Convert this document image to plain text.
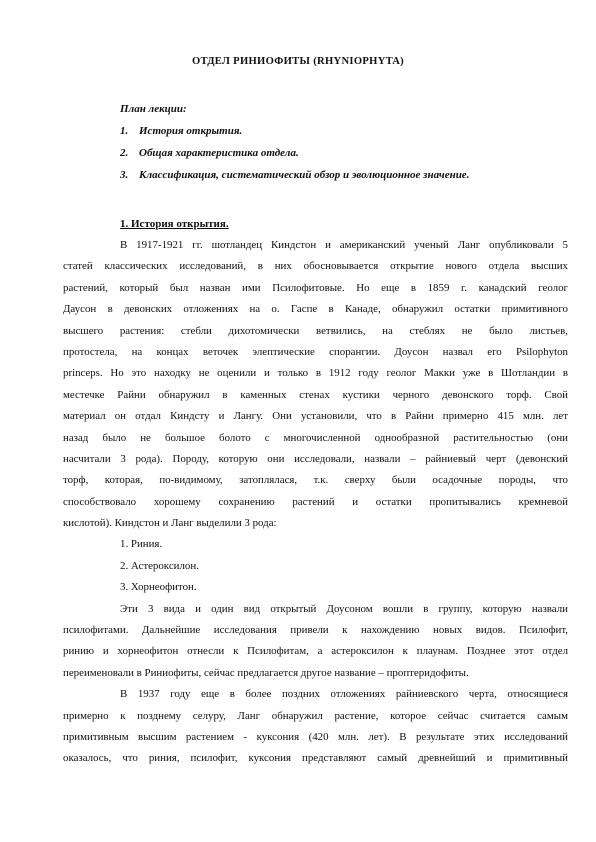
ОТДЕЛ РИНИОФИТЫ (RHYNIOPHYTA)
План лекции:
1. История открытия.
2. Общая характеристика отдела.
3. Классификация, систематический обзор и эволюционное значение.
1. История открытия.
В 1917-1921 гг. шотландец Киндстон и американский ученый Ланг опубликовали 5
статей классических исследований, в них обосновывается открытие нового отдела высших
растений, который был назван ими Псилофитовые. Но еще в 1859 г. канадский геолог
Даусон в девонских отложениях на о. Гаспе в Канаде, обнаружил остатки примитивного
высшего растения: стебли дихотомически ветвились, на стеблях не было листьев,
протостела, на концах веточек элептические спорангии. Доусон назвал его Psilophyton
princeps. Но это находку не оценили и только в 1912 году геолог Макки уже в Шотландии в
местечке Райни обнаружил в каменных стенах кустики черного девонского торф. Свой
материал он отдал Киндсту и Лангу. Они установили, что в Райни примерно 415 млн. лет
назад было не большое болото с многочисленной однообразной растительностью (они
насчитали 3 рода). Породу, которую они исследовали, назвали – райниевый черт (девонский
торф, которая, по-видимому, затоплялася, т.к. сверху были осадочные породы, что
способствовало хорошему сохранению растений и остатки пропитывались кремневой
кислотой). Киндстон и Ланг выделили 3 рода:
1. Риния.
2. Астероксилон.
3. Хорнеофитон.
Эти 3 вида и один вид открытый Доусоном вошли в группу, которую назвали
псилофитами. Дальнейшие исследования привели к нахождению новых видов. Псилофит,
ринию и хорнеофитон отнесли к Псилофитам, а астероксилон к плаунам. Позднее этот отдел
переименовали в Риниофиты, сейчас предлагается другое название – проптеридофиты.
В 1937 году еще в более поздних отложениях райниевского черта, относящиеся
примерно к позднему селуру, Ланг обнаружил растение, которое сейчас считается самым
примитивным высшим растением - куксония (420 млн. лет). В результате этих исследований
оказалось, что риния, псилофит, куксония представляют самый древнейший и примитивный
